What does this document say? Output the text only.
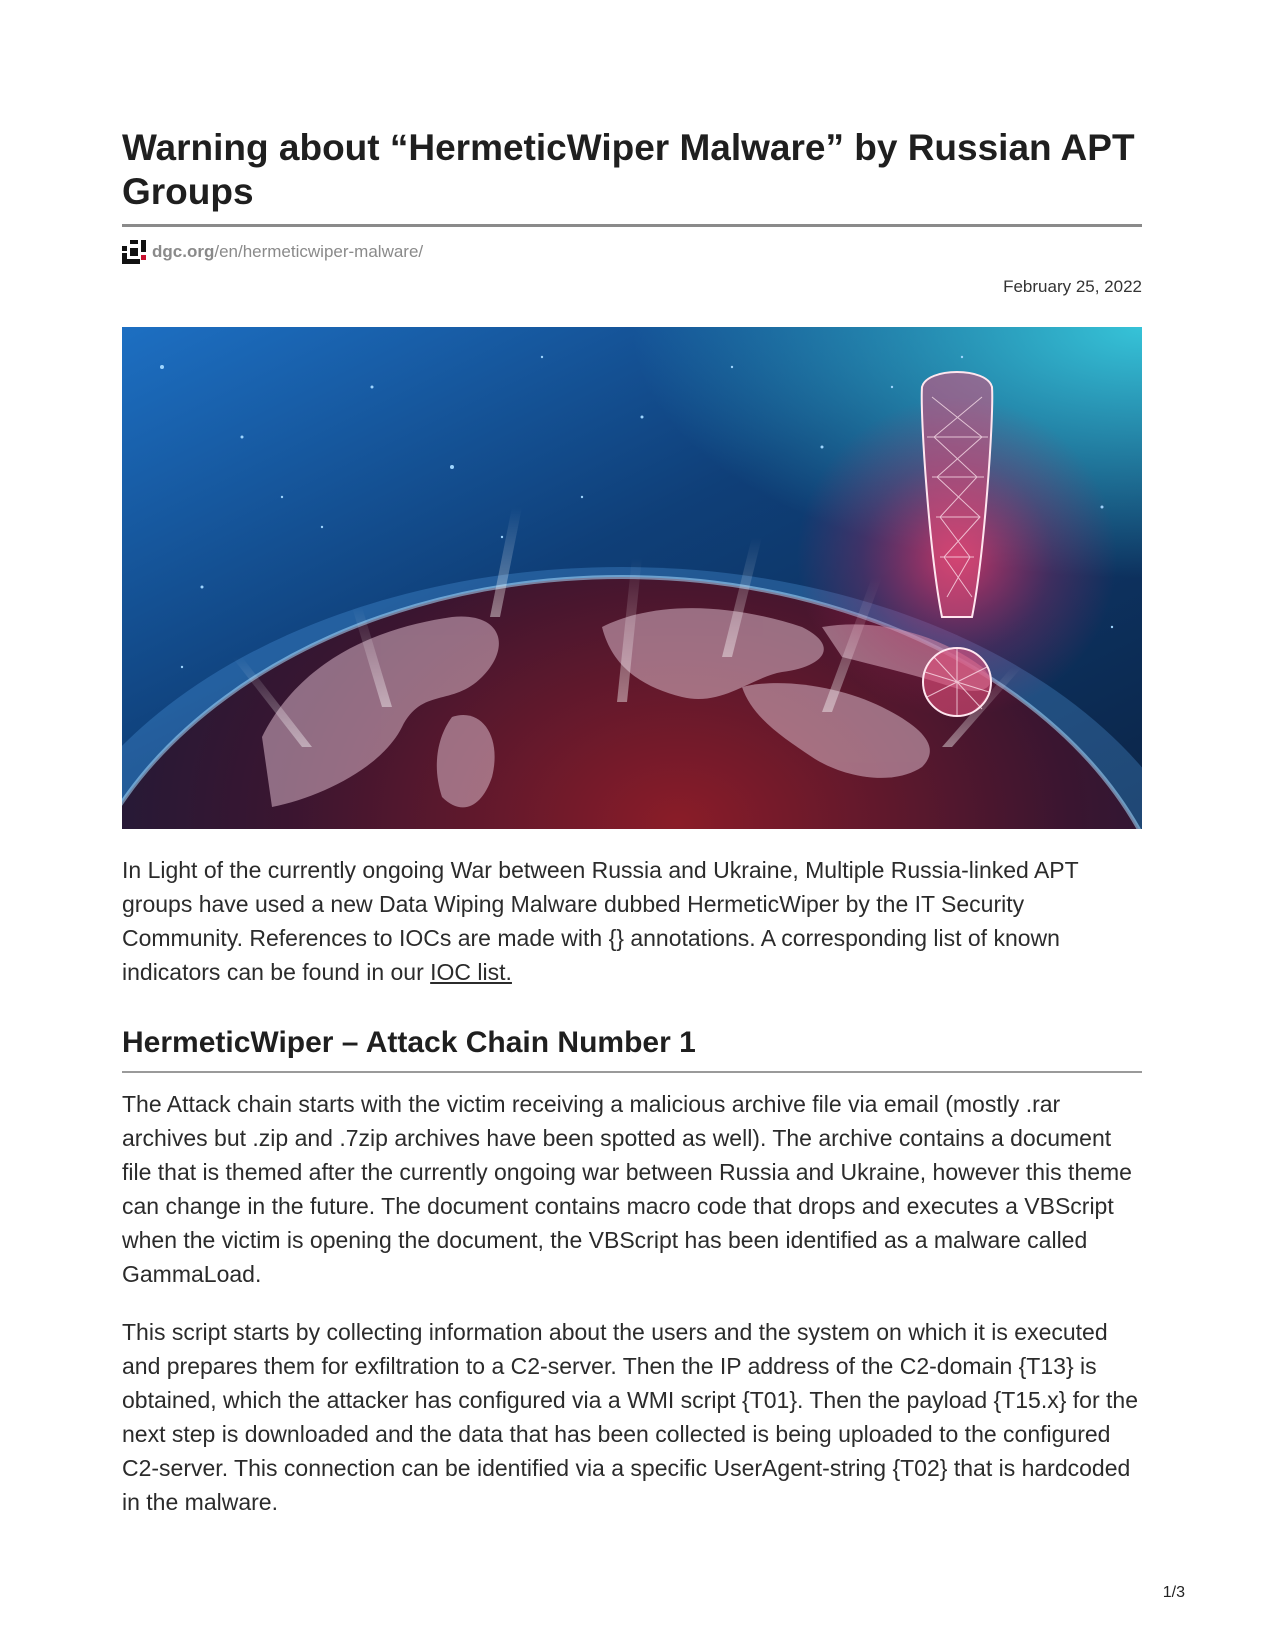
Warning about “HermeticWiper Malware” by Russian APT Groups
dgc.org /en/hermeticwiper-malware/
February 25, 2022

In Light of the currently ongoing War between Russia and Ukraine, Multiple Russia-linked APT groups have used a new Data Wiping Malware dubbed HermeticWiper by the IT Security Community. References to IOCs are made with {} annotations. A corresponding list of known indicators can be found in our IOC list.

HermeticWiper – Attack Chain Number 1

The Attack chain starts with the victim receiving a malicious archive file via email (mostly .rar archives but .zip and .7zip archives have been spotted as well). The archive contains a document file that is themed after the currently ongoing war between Russia and Ukraine, however this theme can change in the future. The document contains macro code that drops and executes a VBScript when the victim is opening the document, the VBScript has been identified as a malware called GammaLoad.

This script starts by collecting information about the users and the system on which it is executed and prepares them for exfiltration to a C2-server. Then the IP address of the C2-domain {T13} is obtained, which the attacker has configured via a WMI script {T01}. Then the payload {T15.x} for the next step is downloaded and the data that has been collected is being uploaded to the configured C2-server. This connection can be identified via a specific UserAgent-string {T02} that is hardcoded in the malware.

1/3
